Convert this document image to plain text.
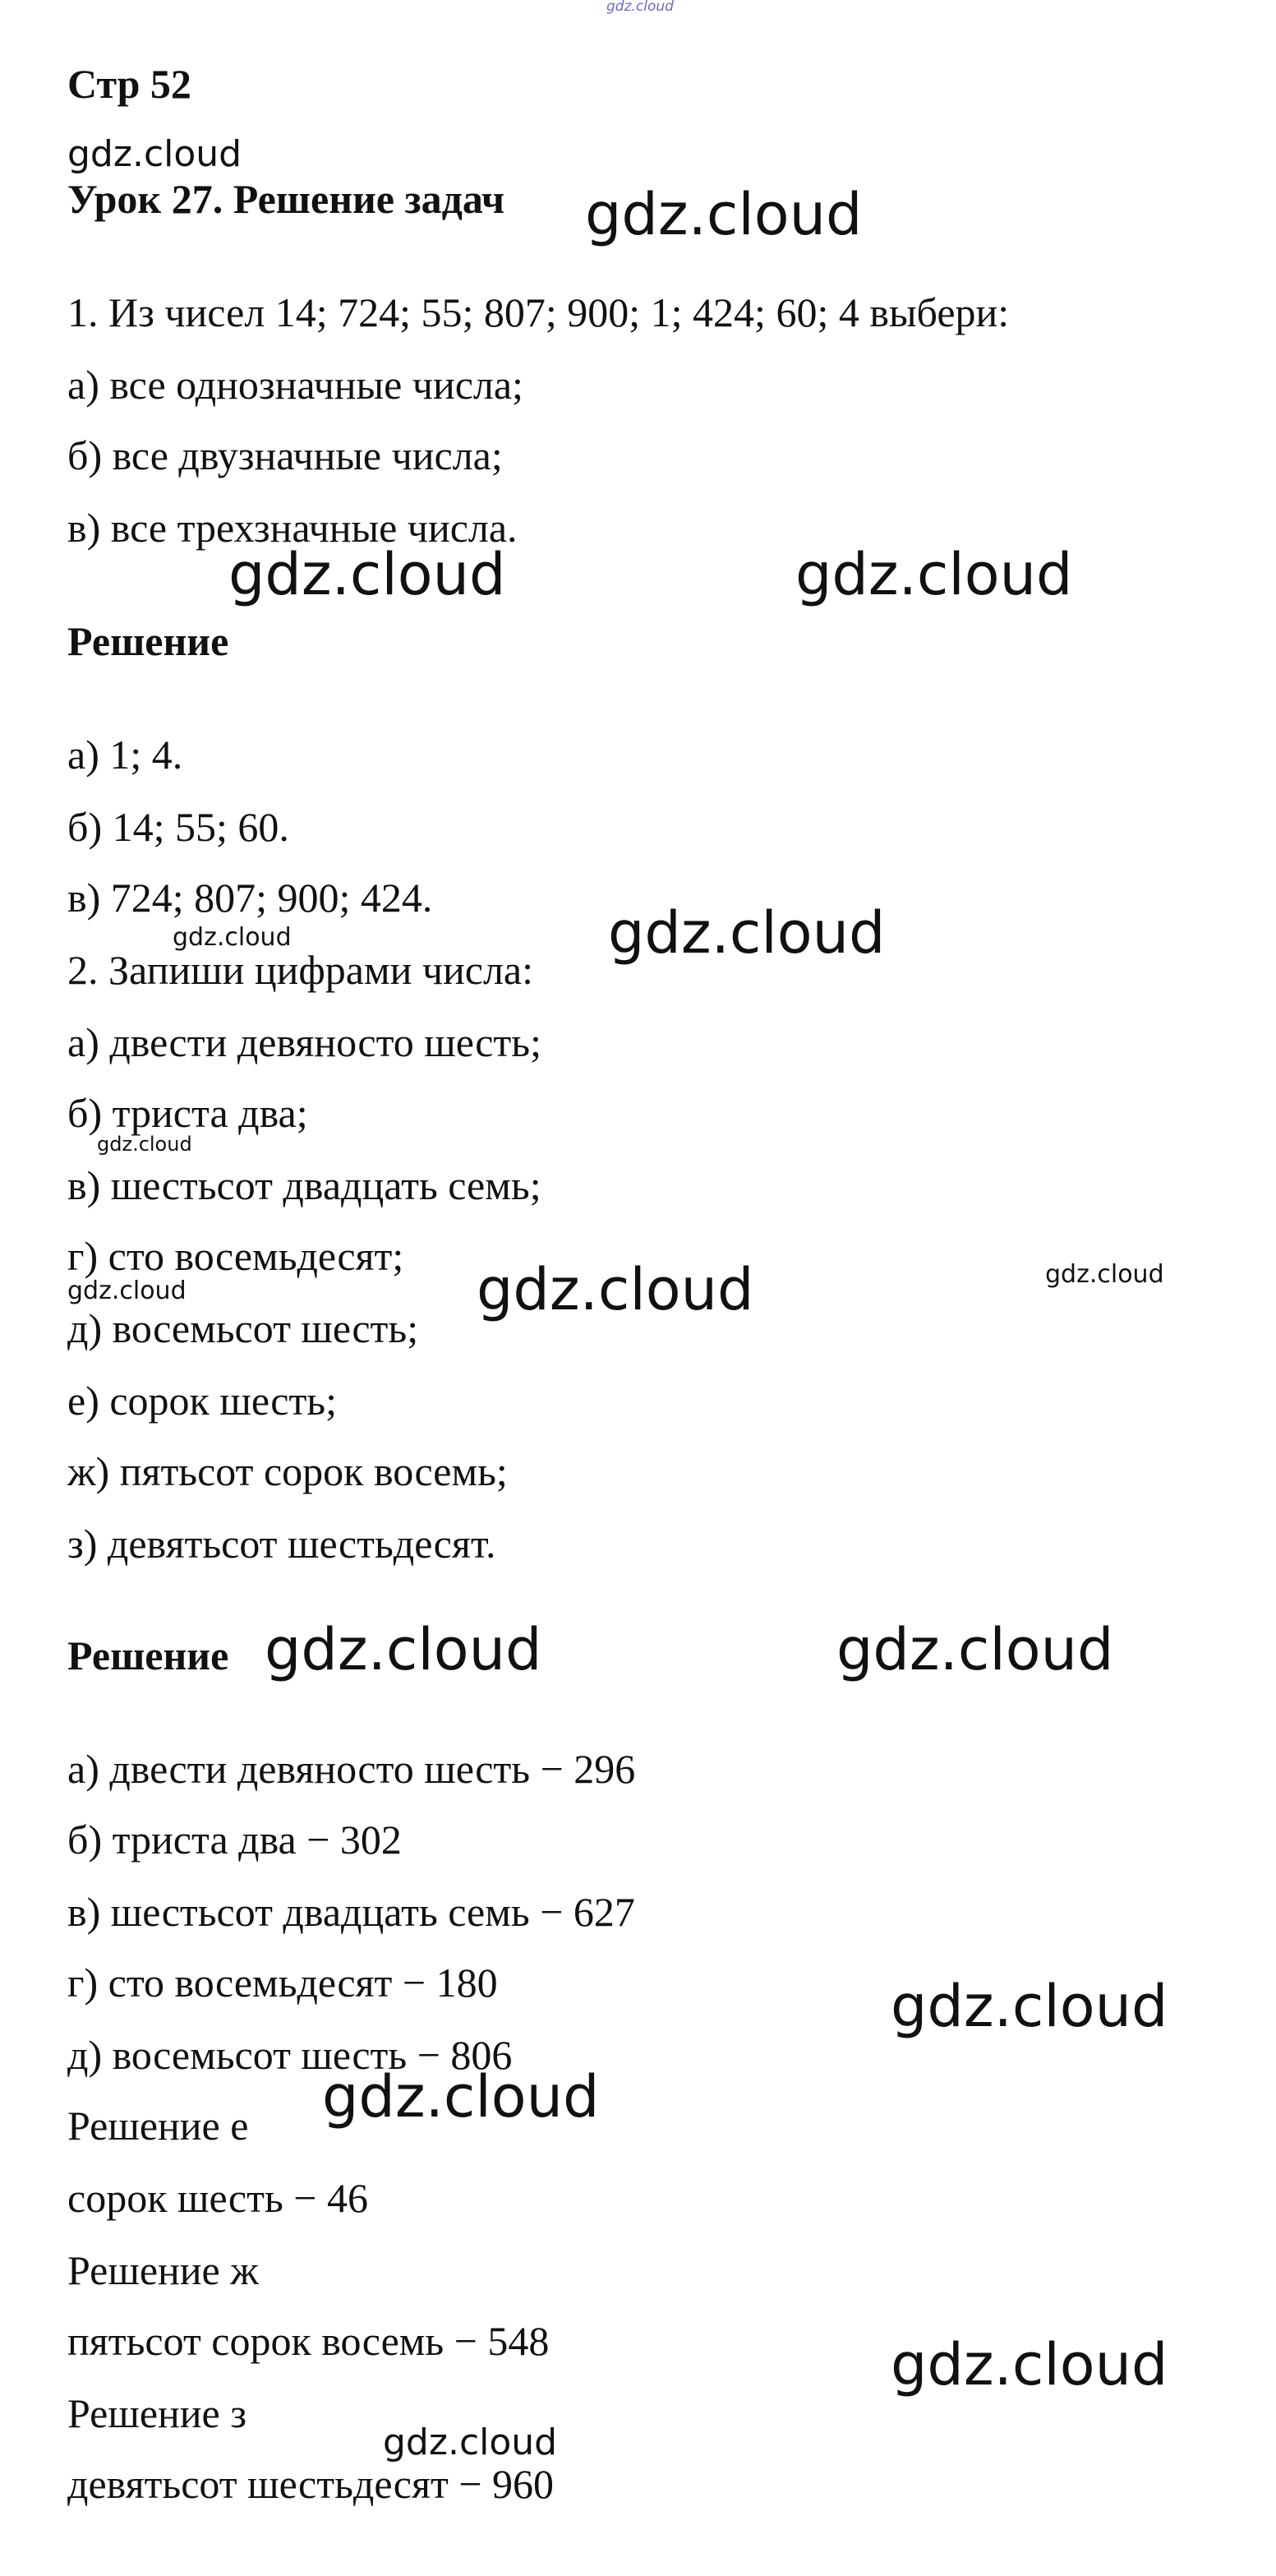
gdz.cloud
gdz.cloud
gdz.cloud
gdz.cloud	gdz.cloud
gdz.cloud	gdz.cloud
gdz.cloud
gdz.cloud	gdz.cloud
gdz.cloud
gdz.cloud	gdz.cloud
gdz.cloud
gdz.cloud
gdz.cloud
gdz.cloud
Стр 52
Урок 27. Решение задач
1. Из чисел 14; 724; 55; 807; 900; 1; 424; 60; 4 выбери:
а) все однозначные числа;
б) все двузначные числа;
в) все трехзначные числа.
Решение
а) 1; 4.
б) 14; 55; 60.
в) 724; 807; 900; 424.
2. Запиши цифрами числа:
а) двести девяносто шесть;
б) триста два;
в) шестьсот двадцать семь;
г) сто восемьдесят;
д) восемьсот шесть;
е) сорок шесть;
ж) пятьсот сорок восемь;
з) девятьсот шестьдесят.
Решение
а) двести девяносто шесть − 296
б) триста два − 302
в) шестьсот двадцать семь − 627
г) сто восемьдесят − 180
д) восемьсот шесть − 806
Решение е
сорок шесть − 46
Решение ж
пятьсот сорок восемь − 548
Решение з
девятьсот шестьдесят − 960
